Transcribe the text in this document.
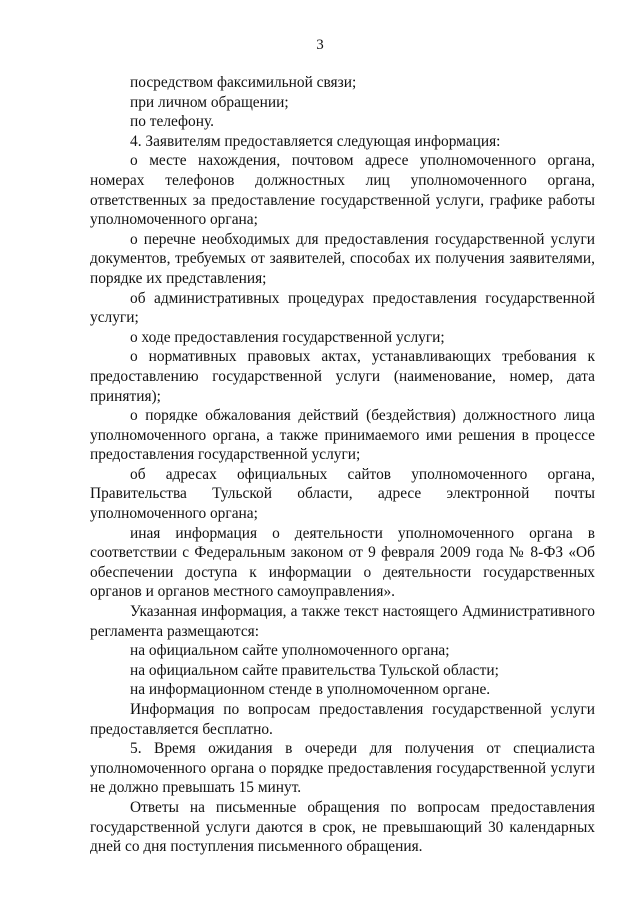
3

посредством факсимильной связи;

при личном обращении;

по телефону.

4. Заявителям предоставляется следующая информация:

о месте нахождения, почтовом адресе уполномоченного органа, номерах телефонов должностных лиц уполномоченного органа, ответственных за предоставление государственной услуги, графике работы уполномоченного органа;

о перечне необходимых для предоставления государственной услуги документов, требуемых от заявителей, способах их получения заявителями, порядке их представления;

об административных процедурах предоставления государственной услуги;

о ходе предоставления государственной услуги;

о нормативных правовых актах, устанавливающих требования к предоставлению государственной услуги (наименование, номер, дата принятия);

о порядке обжалования действий (бездействия) должностного лица уполномоченного органа, а также принимаемого ими решения в процессе предоставления государственной услуги;

об адресах официальных сайтов уполномоченного органа, Правительства Тульской области, адресе электронной почты уполномоченного органа;

иная информация о деятельности уполномоченного органа в соответствии с Федеральным законом от 9 февраля 2009 года № 8-ФЗ «Об обеспечении доступа к информации о деятельности государственных органов и органов местного самоуправления».

Указанная информация, а также текст настоящего Административного регламента размещаются:

на официальном сайте уполномоченного органа;

на официальном сайте правительства Тульской области;

на информационном стенде в уполномоченном органе.

Информация по вопросам предоставления государственной услуги предоставляется бесплатно.

5. Время ожидания в очереди для получения от специалиста уполномоченного органа о порядке предоставления государственной услуги не должно превышать 15 минут.

Ответы на письменные обращения по вопросам предоставления государственной услуги даются в срок, не превышающий 30 календарных дней со дня поступления письменного обращения.
